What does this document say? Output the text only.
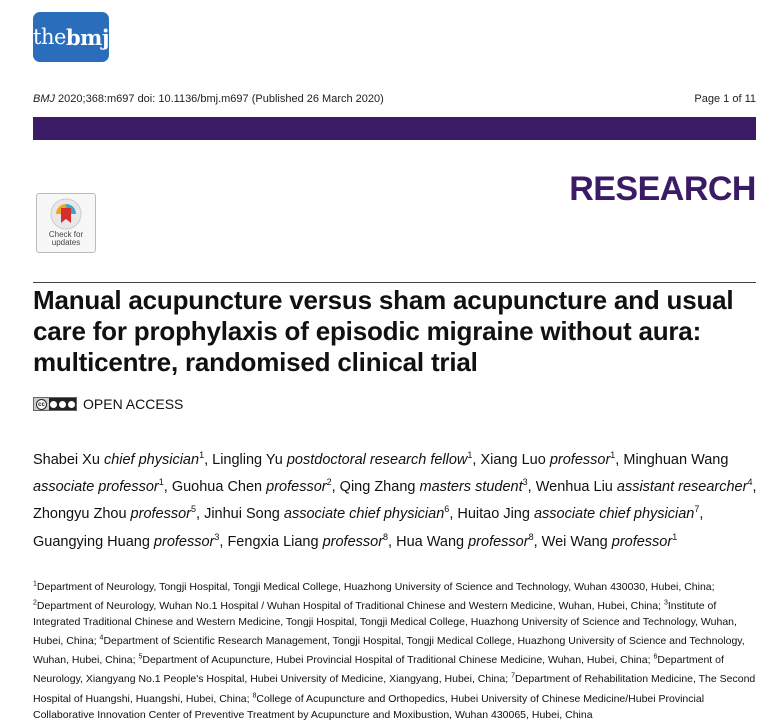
the bmj
BMJ 2020;368:m697 doi: 10.1136/bmj.m697 (Published 26 March 2020)	Page 1 of 11
RESEARCH
Check for
updates
Manual acupuncture versus sham acupuncture and usual care for prophylaxis of episodic migraine without aura: multicentre, randomised clinical trial
cc	OPEN ACCESS
Shabei Xu chief physician$^1$, Lingling Yu postdoctoral research fellow$^1$, Xiang Luo professor$^1$, Minghuan Wang associate professor$^1$, Guohua Chen professor$^2$, Qing Zhang masters student$^3$, Wenhua Liu assistant researcher$^4$, Zhongyu Zhou professor$^5$, Jinhui Song associate chief physician$^6$, Huitao Jing associate chief physician$^7$, Guangying Huang professor$^3$, Fengxia Liang professor$^8$, Hua Wang professor$^8$, Wei Wang professor$^1$
$^1$Department of Neurology, Tongji Hospital, Tongji Medical College, Huazhong University of Science and Technology, Wuhan 430030, Hubei, China; $^2$Department of Neurology, Wuhan No.1 Hospital / Wuhan Hospital of Traditional Chinese and Western Medicine, Wuhan, Hubei, China; $^3$Institute of Integrated Traditional Chinese and Western Medicine, Tongji Hospital, Tongji Medical College, Huazhong University of Science and Technology, Wuhan, Hubei, China; $^4$Department of Scientific Research Management, Tongji Hospital, Tongji Medical College, Huazhong University of Science and Technology, Wuhan, Hubei, China; $^5$Department of Acupuncture, Hubei Provincial Hospital of Traditional Chinese Medicine, Wuhan, Hubei, China; $^6$Department of Neurology, Xiangyang No.1 People's Hospital, Hubei University of Medicine, Xiangyang, Hubei, China; $^7$Department of Rehabilitation Medicine, The Second Hospital of Huangshi, Huangshi, Hubei, China; $^8$College of Acupuncture and Orthopedics, Hubei University of Chinese Medicine/Hubei Provincial Collaborative Innovation Center of Preventive Treatment by Acupuncture and Moxibustion, Wuhan 430065, Hubei, China
